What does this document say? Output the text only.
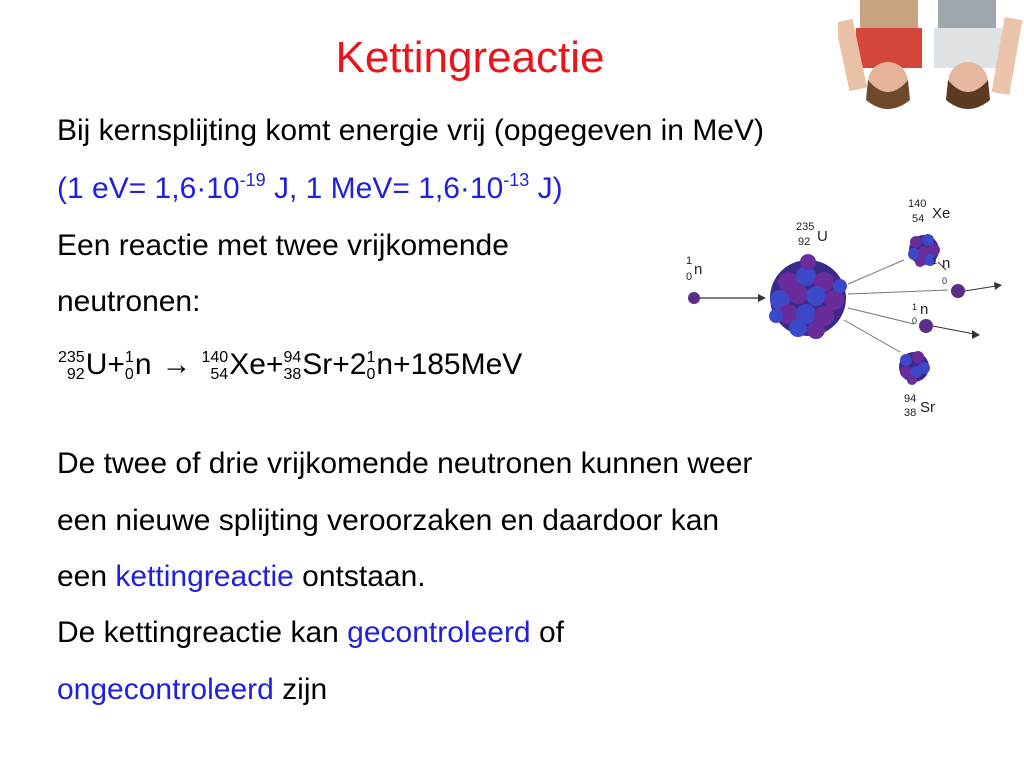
Kettingreactie
Bij kernsplijting komt energie vrij (opgegeven in MeV)
(1 $eV= 1,6\cdot 10^{-19}$ J, 1 $MeV= 1,6\cdot 10^{-13}$ J)
Een reactie met twee vrijkomende
neutronen:
235
92 U+ 1
0 n → 140
54 Xe+ 94
38 Sr+2 1
0 n+185MeV
1
0 n
235
92 U
140
54 Xe
n
1
0
1 n
0
94
38 Sr
De twee of drie vrijkomende neutronen kunnen weer
een nieuwe splijting veroorzaken en daardoor kan
een kettingreactie ontstaan.
De kettingreactie kan gecontroleerd of
ongecontroleerd zijn
